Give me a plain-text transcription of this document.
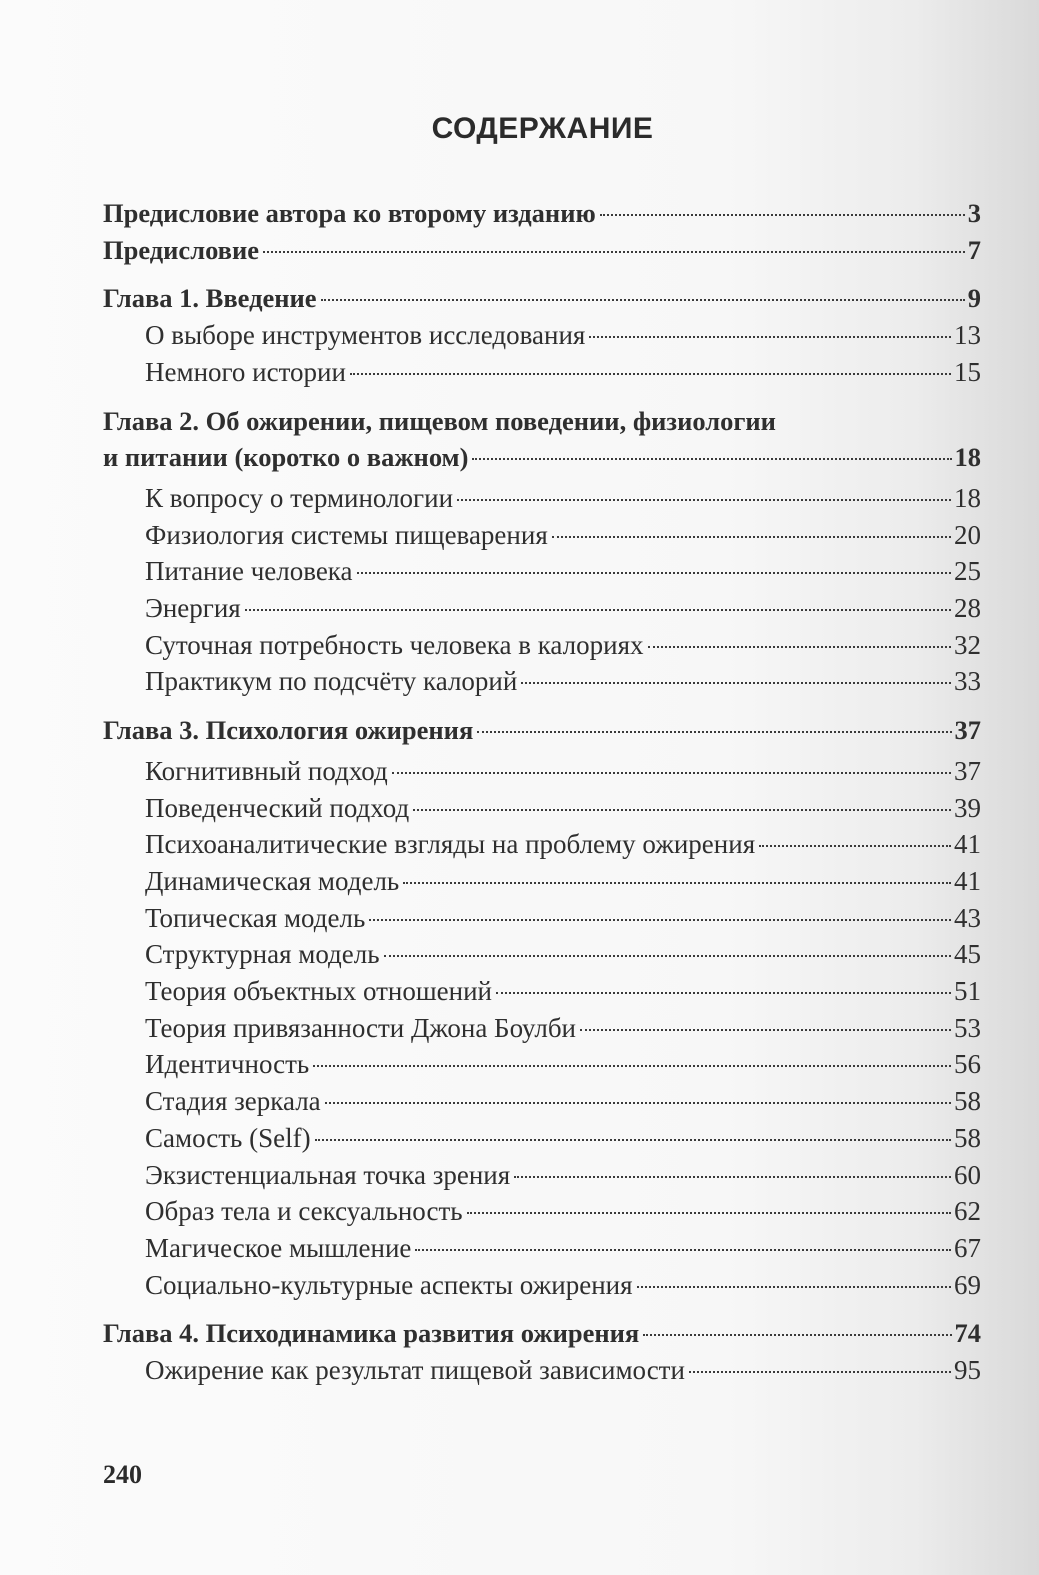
СОДЕРЖАНИЕ
Предисловие автора ко второму изданию	3
Предисловие	7
Глава 1. Введение	9
О выборе инструментов исследования	13
Немного истории	15
Глава 2. Об ожирении, пищевом поведении, физиологии
и питании (коротко о важном)	18
К вопросу о терминологии	18
Физиология системы пищеварения	20
Питание человека	25
Энергия	28
Суточная потребность человека в калориях	32
Практикум по подсчёту калорий	33
Глава 3. Психология ожирения	37
Когнитивный подход	37
Поведенческий подход	39
Психоаналитические взгляды на проблему ожирения	41
Динамическая модель	41
Топическая модель	43
Структурная модель	45
Теория объектных отношений	51
Теория привязанности Джона Боулби	53
Идентичность	56
Стадия зеркала	58
Самость (Self)	58
Экзистенциальная точка зрения	60
Образ тела и сексуальность	62
Магическое мышление	67
Социально-культурные аспекты ожирения	69
Глава 4. Психодинамика развития ожирения	74
Ожирение как результат пищевой зависимости	95
240
